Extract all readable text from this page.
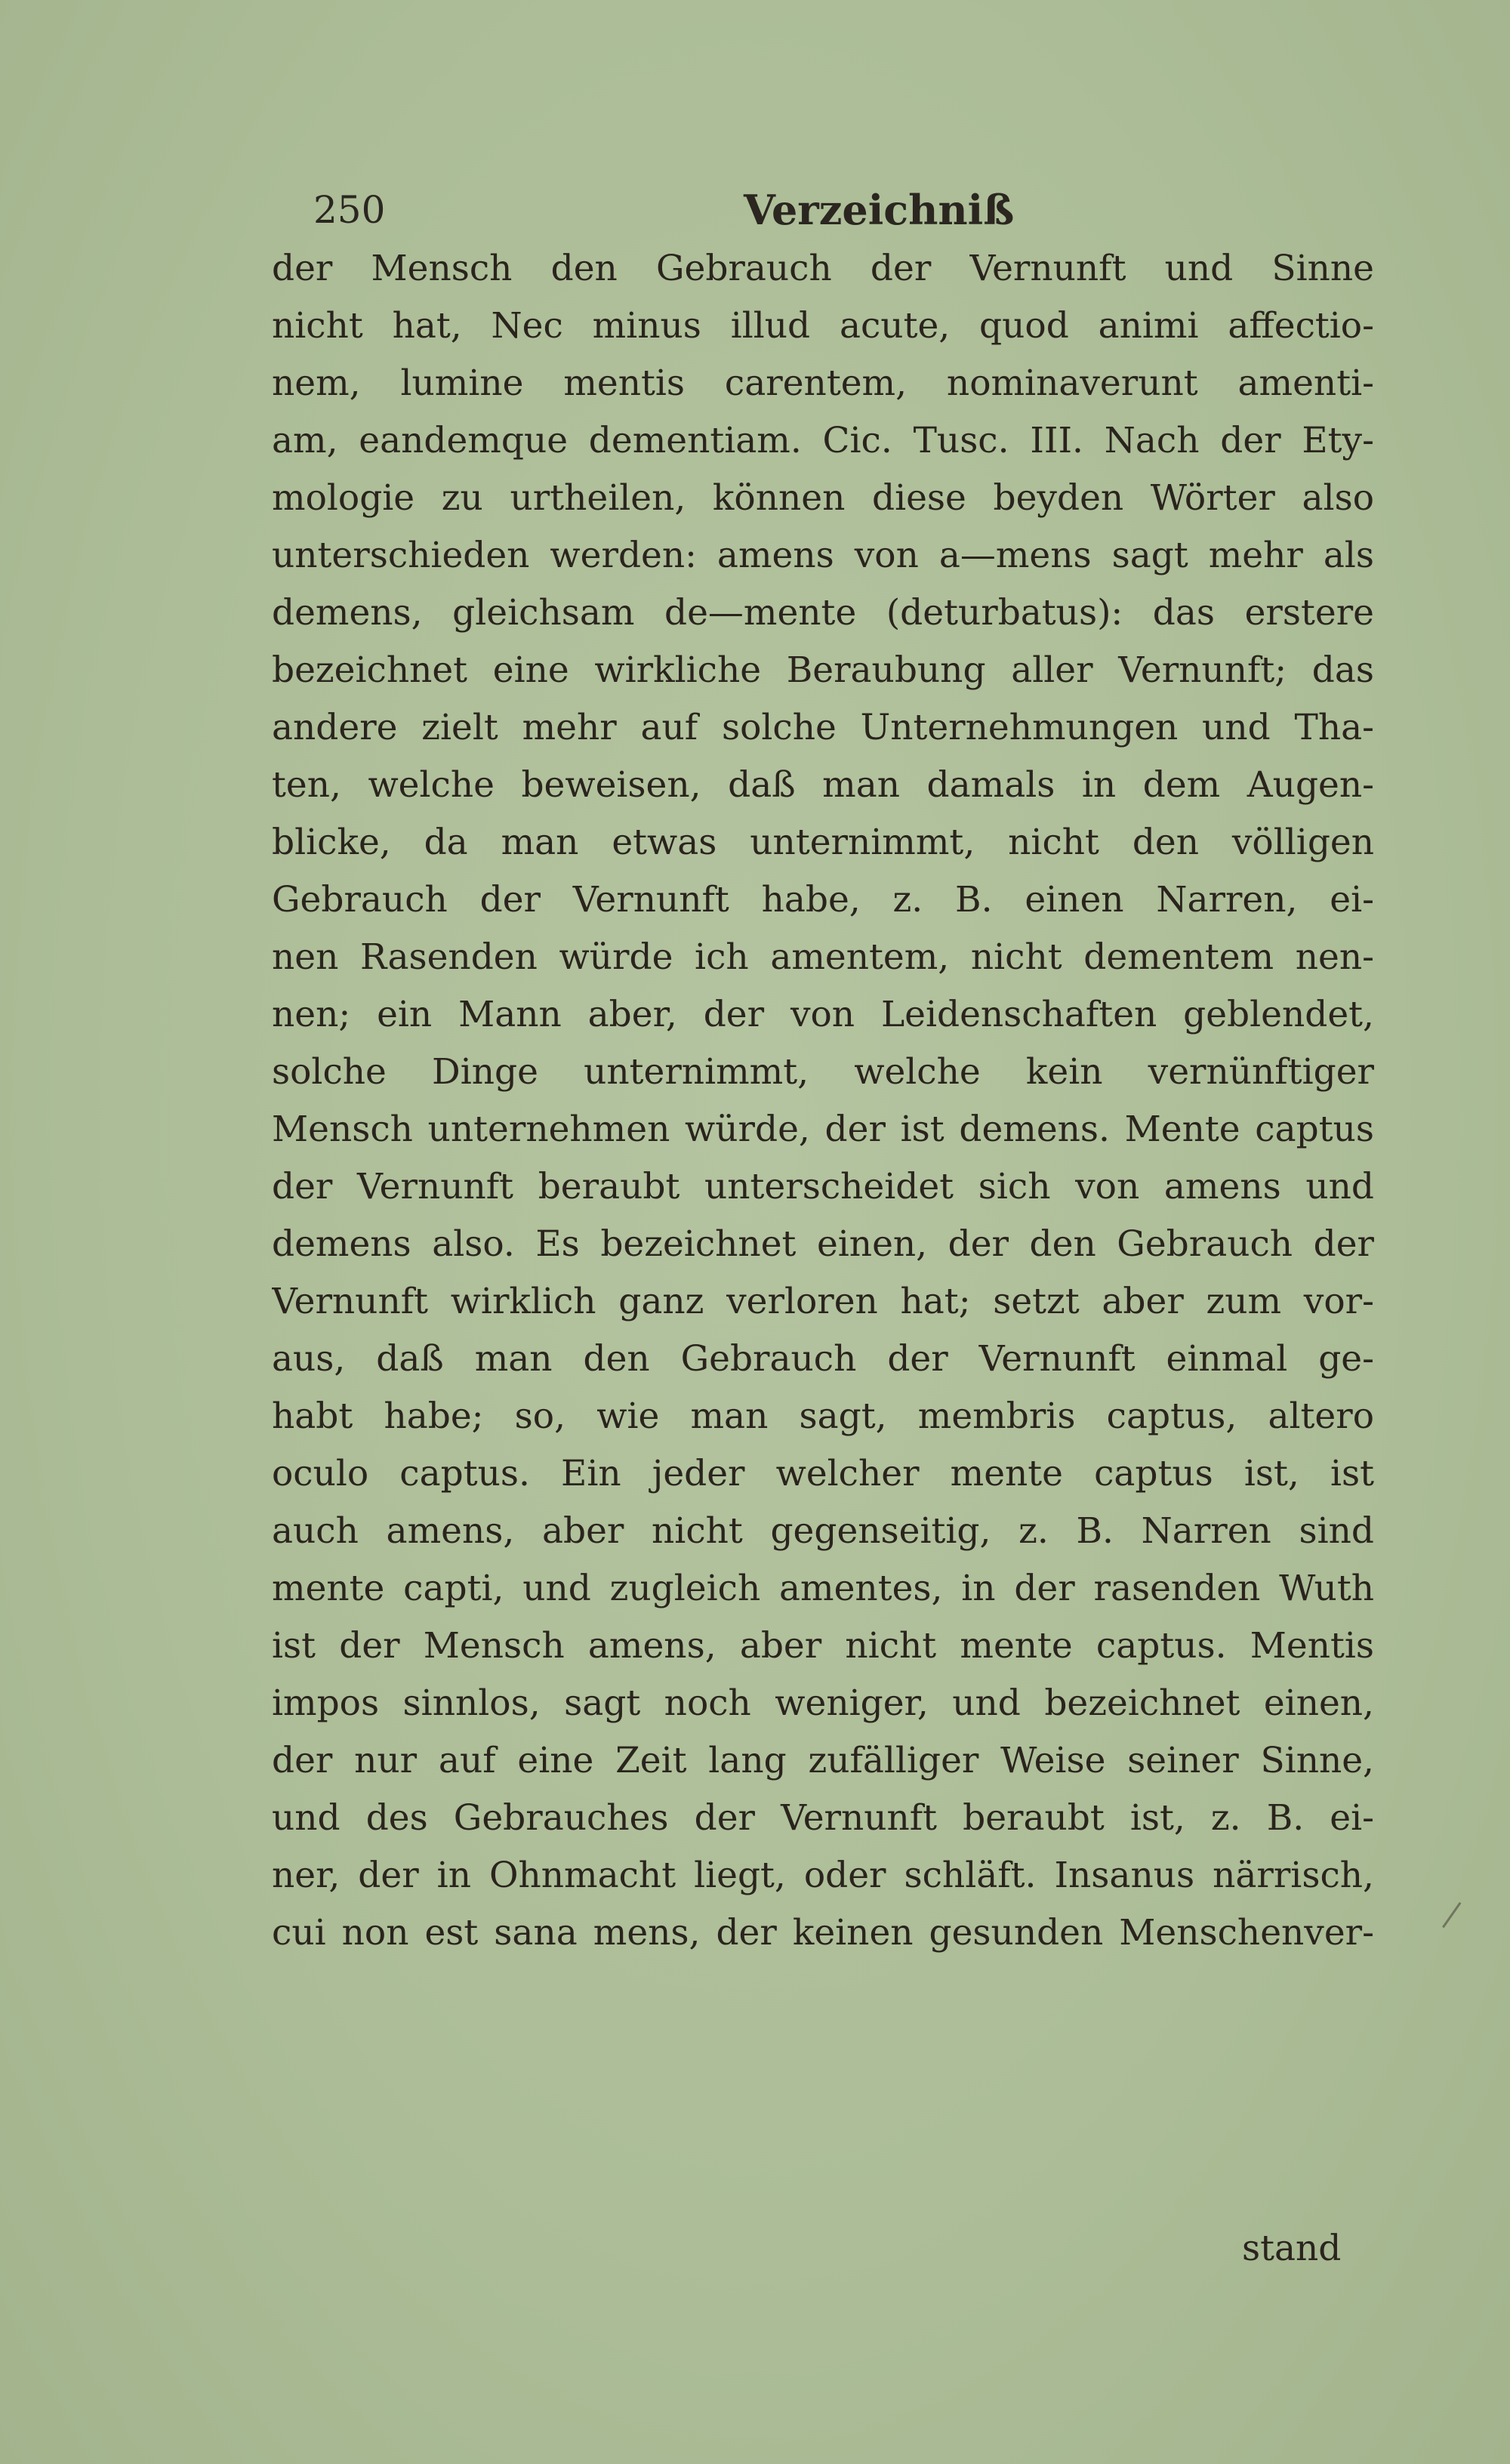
250	Verzeichniß
der Mensch den Gebrauch der Vernunft und Sinne
nicht hat, Nec minus illud acute, quod animi affectio-
nem, lumine mentis carentem, nominaverunt amenti-
am, eandemque dementiam. Cic. Tusc. III. Nach der Ety-
mologie zu urtheilen, können diese beyden Wörter also
unterschieden werden: amens von a—mens sagt mehr als
demens, gleichsam de—mente (deturbatus): das erstere
bezeichnet eine wirkliche Beraubung aller Vernunft; das
andere zielt mehr auf solche Unternehmungen und Tha-
ten, welche beweisen, daß man damals in dem Augen-
blicke, da man etwas unternimmt, nicht den völligen
Gebrauch der Vernunft habe, z. B. einen Narren, ei-
nen Rasenden würde ich amentem, nicht dementem nen-
nen; ein Mann aber, der von Leidenschaften geblendet,
solche Dinge unternimmt, welche kein vernünftiger
Mensch unternehmen würde, der ist demens. Mente captus
der Vernunft beraubt unterscheidet sich von amens und
demens also. Es bezeichnet einen, der den Gebrauch der
Vernunft wirklich ganz verloren hat; setzt aber zum vor-
aus, daß man den Gebrauch der Vernunft einmal ge-
habt habe; so, wie man sagt, membris captus, altero
oculo captus. Ein jeder welcher mente captus ist, ist
auch amens, aber nicht gegenseitig, z. B. Narren sind
mente capti, und zugleich amentes, in der rasenden Wuth
ist der Mensch amens, aber nicht mente captus. Mentis
impos sinnlos, sagt noch weniger, und bezeichnet einen,
der nur auf eine Zeit lang zufälliger Weise seiner Sinne,
und des Gebrauches der Vernunft beraubt ist, z. B. ei-
ner, der in Ohnmacht liegt, oder schläft. Insanus närrisch,
cui non est sana mens, der keinen gesunden Menschenver-
stand
